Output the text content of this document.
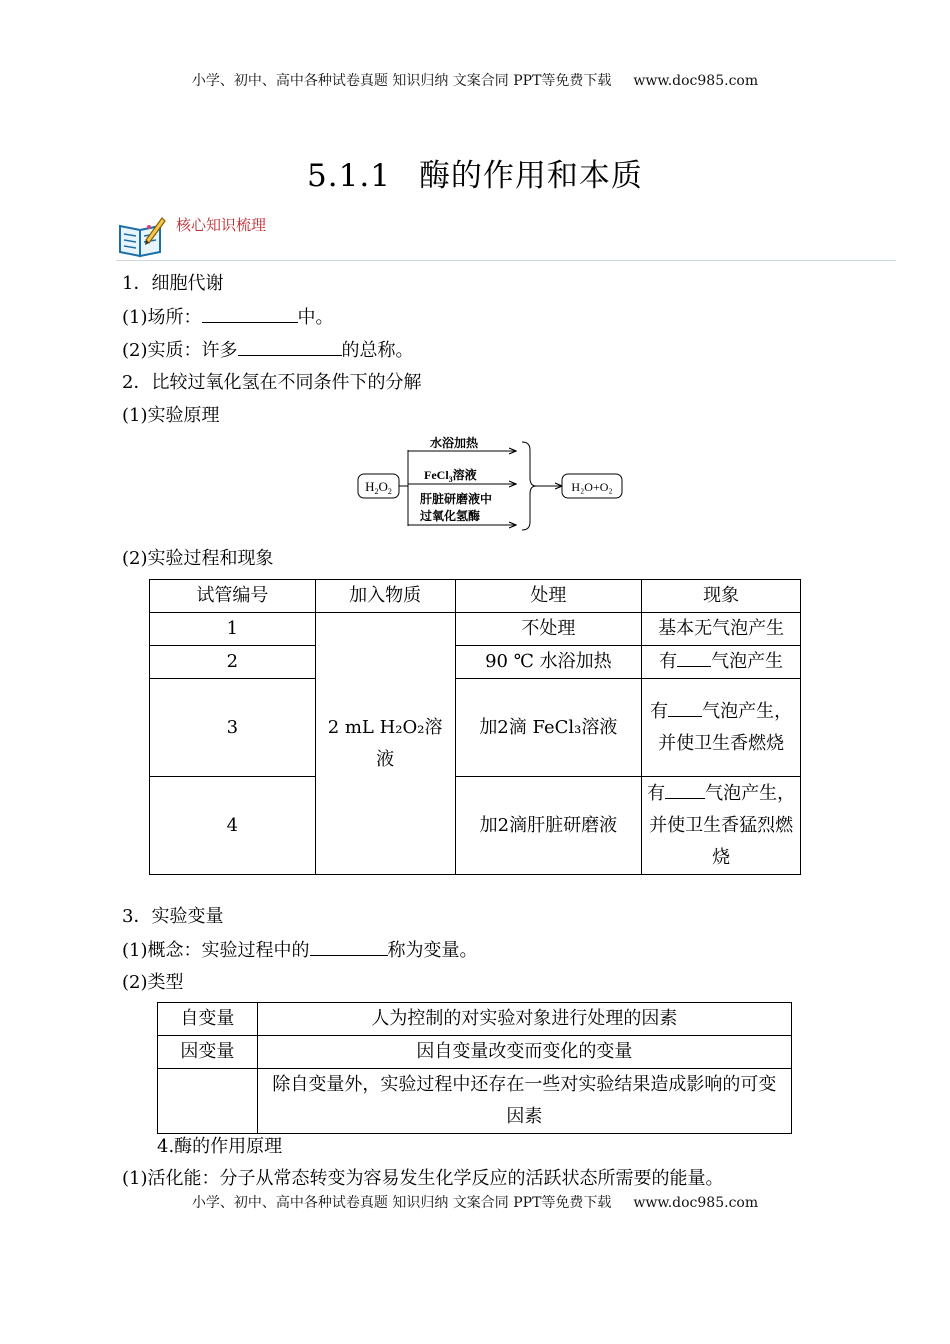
小学、初中、高中各种试卷真题 知识归纳 文案合同 PPT等免费下载 www.doc985.com
5.1.1 酶的作用和本质
核心知识梳理
1．细胞代谢
(1)场所：	中。
(2)实质：许多	的总称。
2．比较过氧化氢在不同条件下的分解
(1)实验原理
$H_2O_2$
水浴加热
FeCl$_3$溶液
肝脏研磨液中
过氧化氢酶
H₂O+O₂
(2)实验过程和现象
试管编号	加入物质	处理	现象
1	2 mL H₂O₂溶液	不处理	基本无气泡产生
2		90 ℃ 水浴加热	有 气泡产生
3		加2滴 FeCl₃溶液	有 气泡产生，并使卫生香燃烧
4		加2滴肝脏研磨液	有 气泡产生，并使卫生香猛烈燃烧
3．实验变量
(1)概念：实验过程中的	称为变量。
(2)类型
自变量	人为控制的对实验对象进行处理的因素
因变量	因自变量改变而变化的变量
	除自变量外，实验过程中还存在一些对实验结果造成影响的可变因素
4.酶的作用原理
(1)活化能：分子从常态转变为容易发生化学反应的活跃状态所需要的能量。
小学、初中、高中各种试卷真题 知识归纳 文案合同 PPT等免费下载 www.doc985.com
